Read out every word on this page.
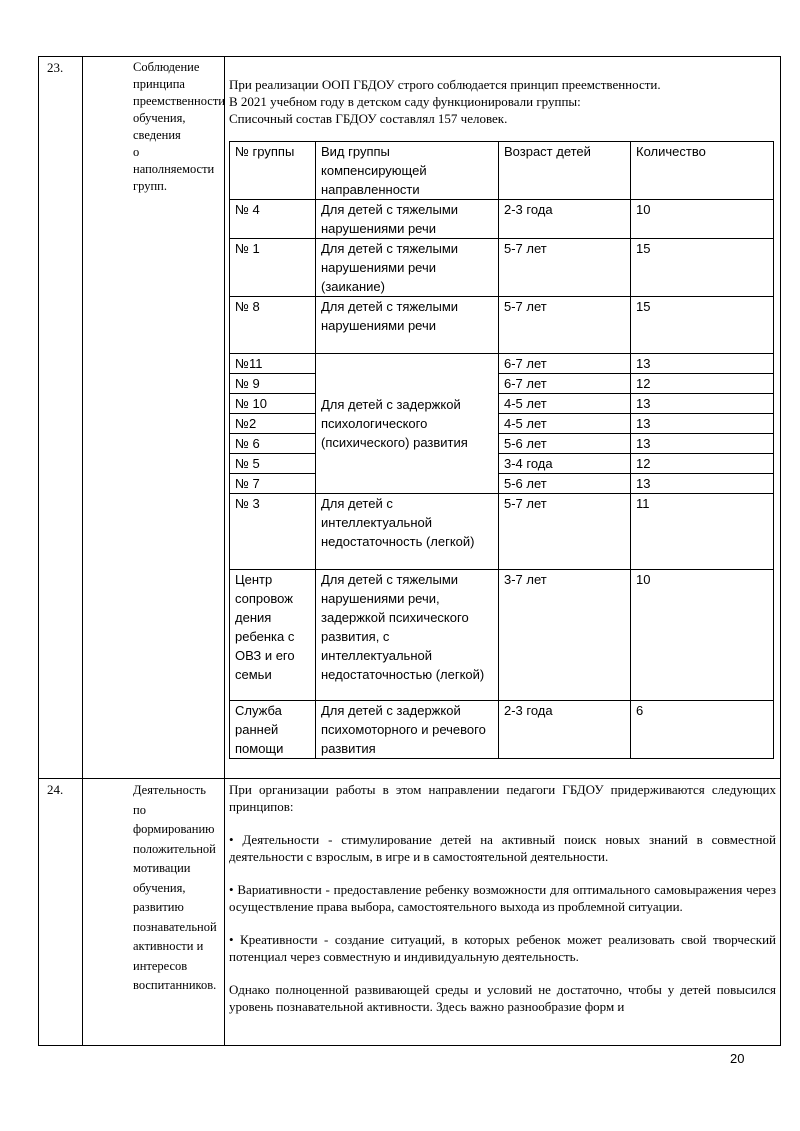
23.	Соблюдение
принципа
преемственности
обучения, сведения
о наполняемости
групп.

При реализации ООП ГБДОУ строго соблюдается принцип преемственности.
В 2021 учебном году в детском саду функционировали группы:
Списочный состав ГБДОУ составлял 157 человек.
№ группы	Вид группы компенсирующей направленности	Возраст детей	Количество
№ 4	Для детей с тяжелыми нарушениями речи	2-3 года	10
№ 1	Для детей с тяжелыми нарушениями речи (заикание)	5-7 лет	15
№ 8	Для детей с тяжелыми нарушениями речи	5-7 лет	15
№11	Для детей с задержкой психологического (психического) развития	6-7 лет	13
№ 9	6-7 лет	12
№ 10	4-5 лет	13
№2	4-5 лет	13
№ 6	5-6 лет	13
№ 5	3-4 года	12
№ 7	5-6 лет	13
№ 3	Для детей с интеллектуальной недостаточность (легкой)	5-7 лет	11
Центр сопровож дения ребенка с ОВЗ и его семьи	Для детей с тяжелыми нарушениями речи, задержкой психического развития, с интеллектуальной недостаточностью (легкой)	3-7 лет	10
Служба ранней помощи	Для детей с задержкой психомоторного и речевого развития	2-3 года	6

24.	Деятельность по
формированию
положительной
мотивации
обучения,
развитию
познавательной
активности и
интересов
воспитанников.

При организации работы в этом направлении педагоги ГБДОУ придерживаются следующих принципов:
• Деятельности - стимулирование детей на активный поиск новых знаний в совместной деятельности с взрослым, в игре и в самостоятельной деятельности.
• Вариативности - предоставление ребенку возможности для оптимального самовыражения через осуществление права выбора, самостоятельного выхода из проблемной ситуации.
• Креативности - создание ситуаций, в которых ребенок может реализовать свой творческий потенциал через совместную и индивидуальную деятельность.
Однако полноценной развивающей среды и условий не достаточно, чтобы у детей повысился уровень познавательной активности. Здесь важно разнообразие форм и
20
